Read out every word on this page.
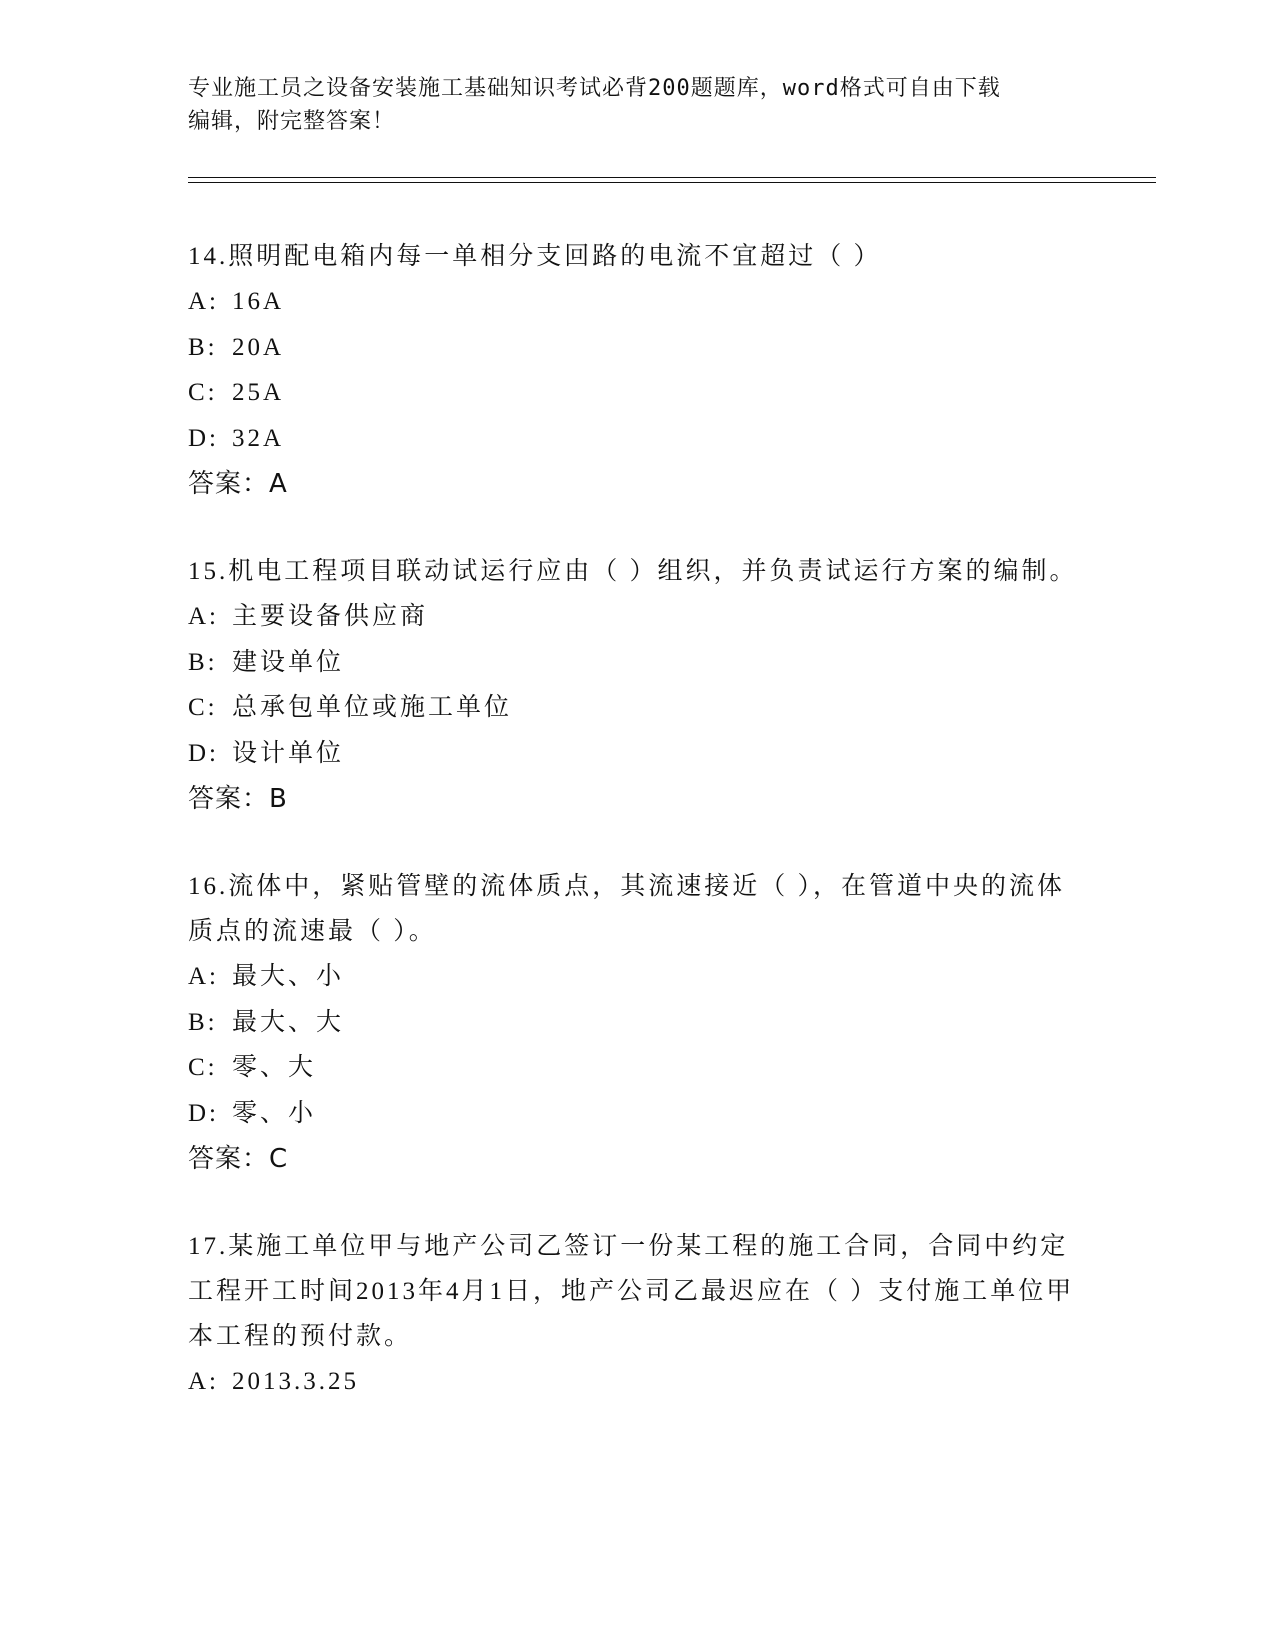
专业施工员之设备安装施工基础知识考试必背200题题库，word格式可自由下载
编辑，附完整答案！

14.照明配电箱内每一单相分支回路的电流不宜超过（ ）

A: 16A

B: 20A

C: 25A

D: 32A

答案：A

15.机电工程项目联动试运行应由（ ）组织，并负责试运行方案的编制。

A: 主要设备供应商

B: 建设单位

C: 总承包单位或施工单位

D: 设计单位

答案：B

16.流体中，紧贴管壁的流体质点，其流速接近（ ），在管道中央的流体质点的流速最（ ）。

A: 最大、小

B: 最大、大

C: 零、大

D: 零、小

答案：C

17.某施工单位甲与地产公司乙签订一份某工程的施工合同，合同中约定工程开工时间2013年4月1日，地产公司乙最迟应在（ ）支付施工单位甲本工程的预付款。

A: 2013.3.25
